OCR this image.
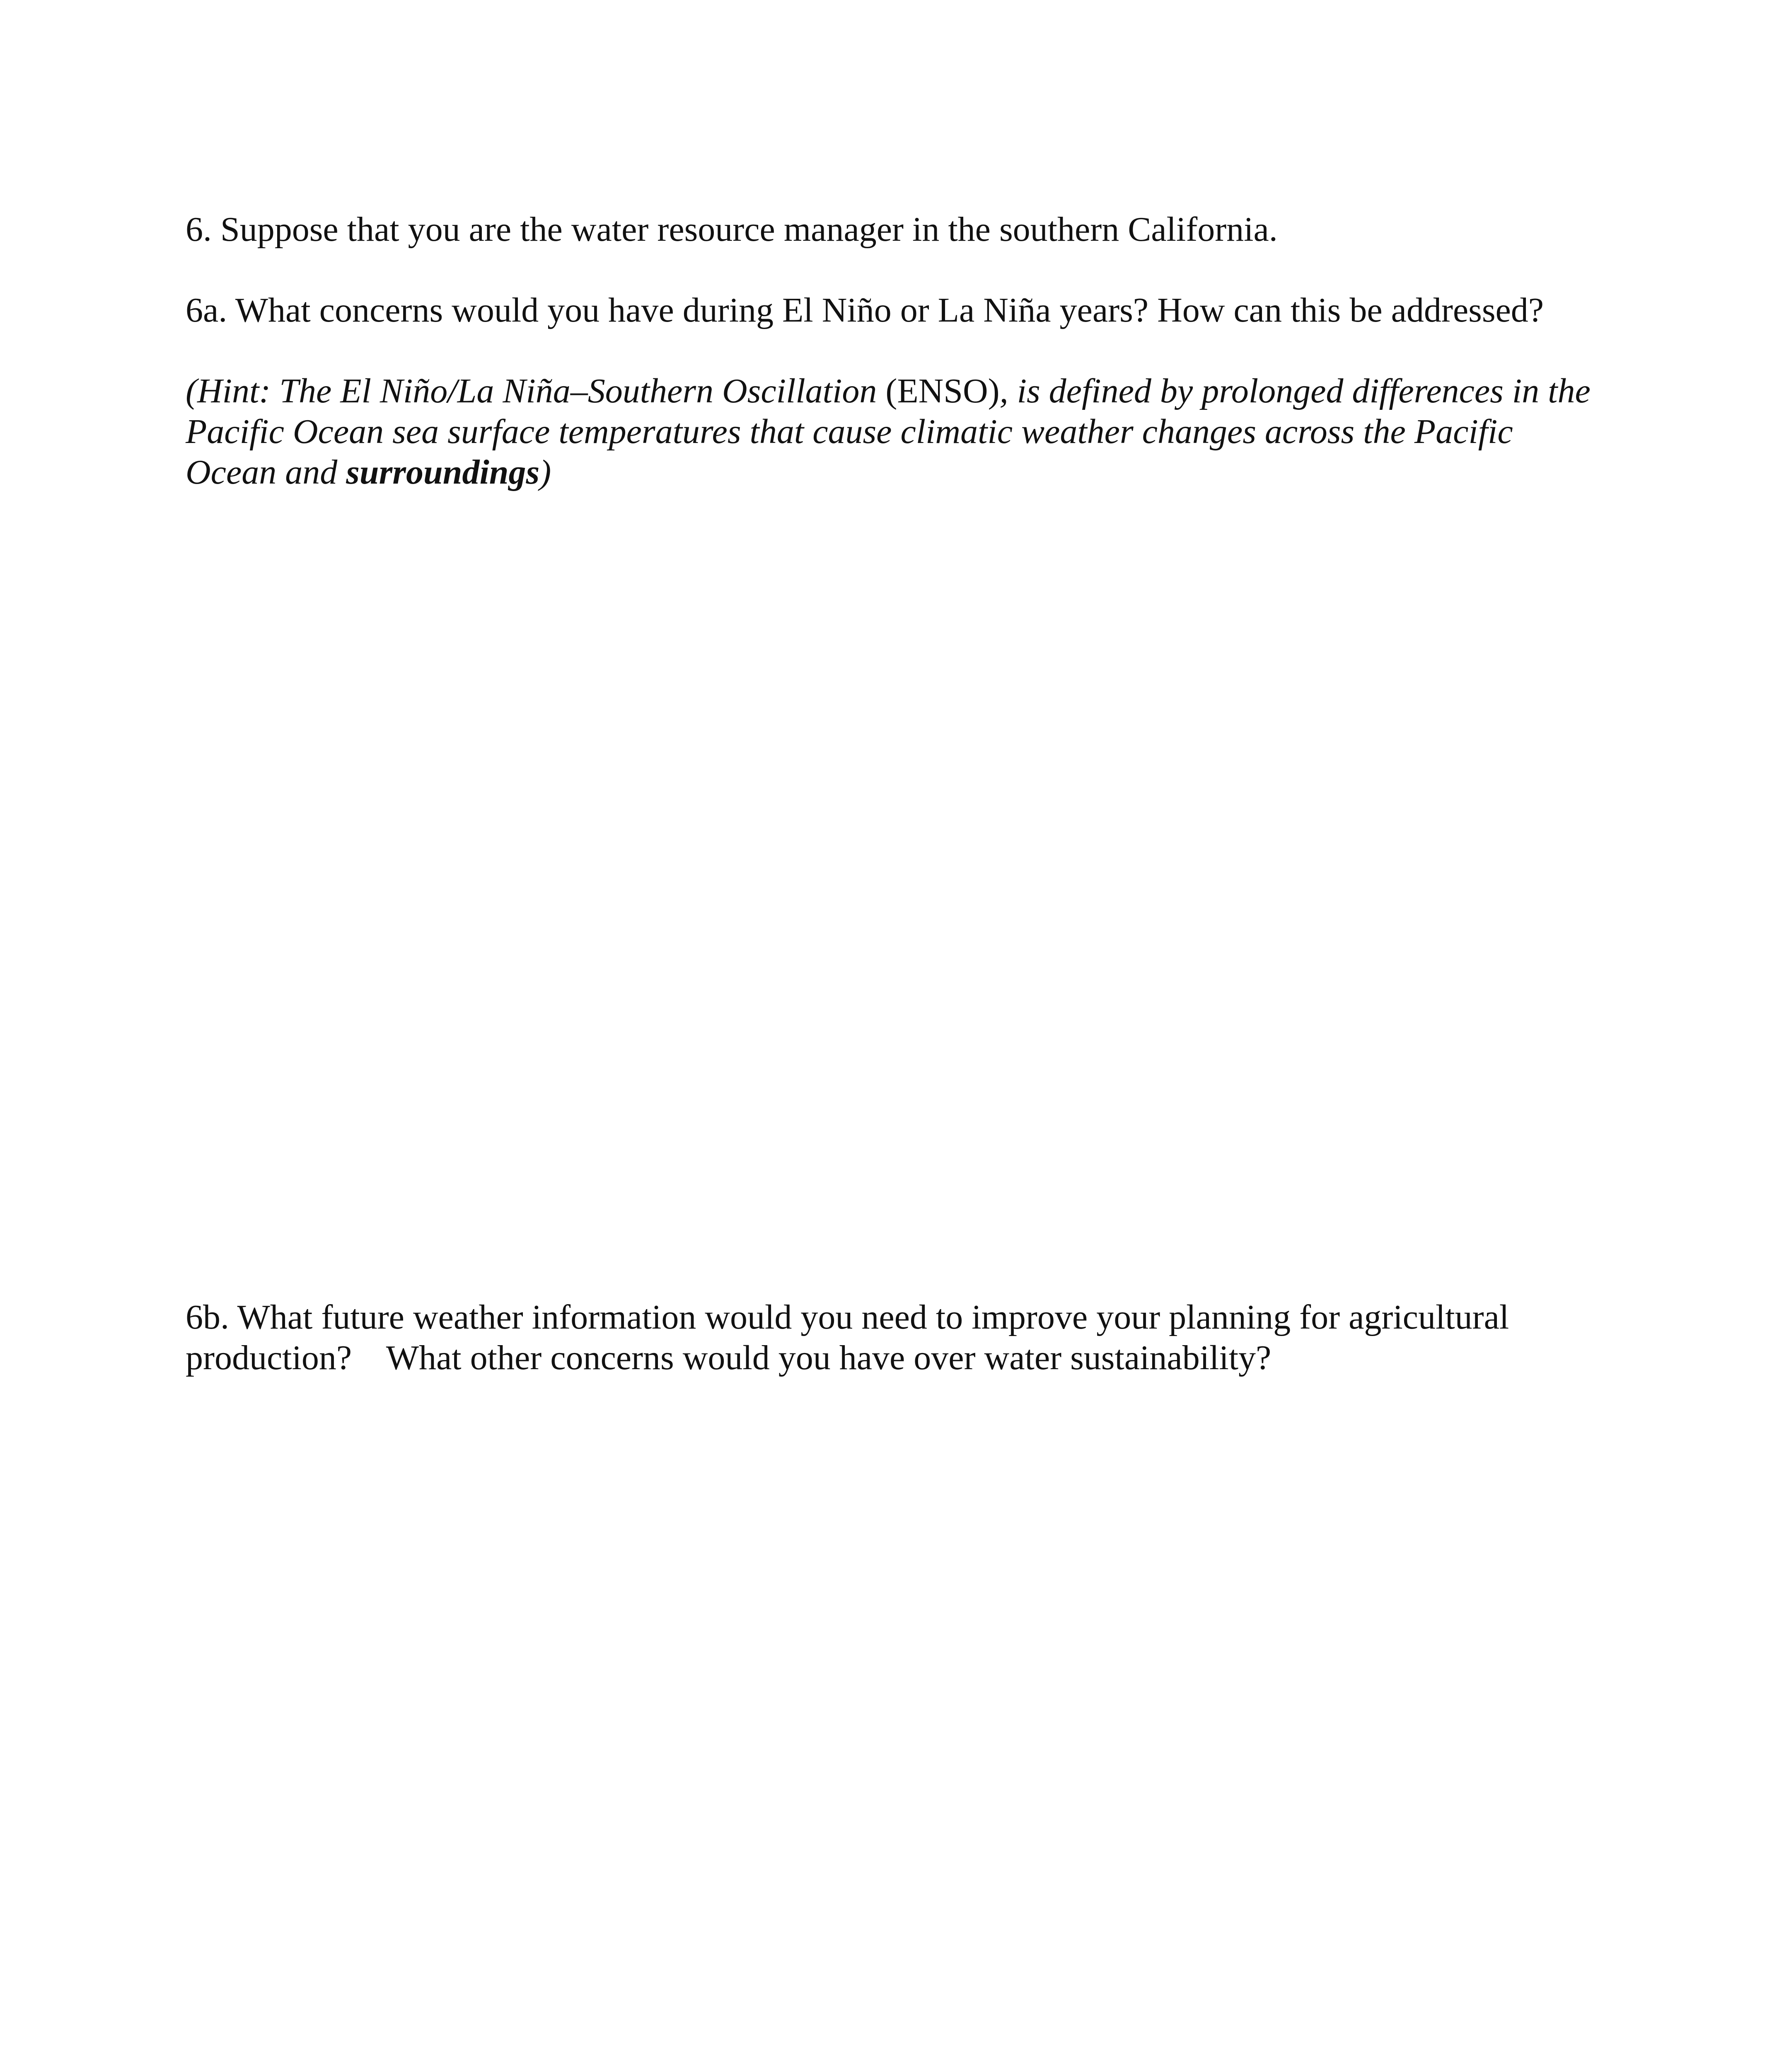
6. Suppose that you are the water resource manager in the southern California.

6a. What concerns would you have during El Niño or La Niña years? How can this be addressed?

(Hint: The El Niño/La Niña–Southern Oscillation (ENSO), is defined by prolonged differences in the
Pacific Ocean sea surface temperatures that cause climatic weather changes across the Pacific
Ocean and surroundings)

6b. What future weather information would you need to improve your planning for agricultural
production? What other concerns would you have over water sustainability?
